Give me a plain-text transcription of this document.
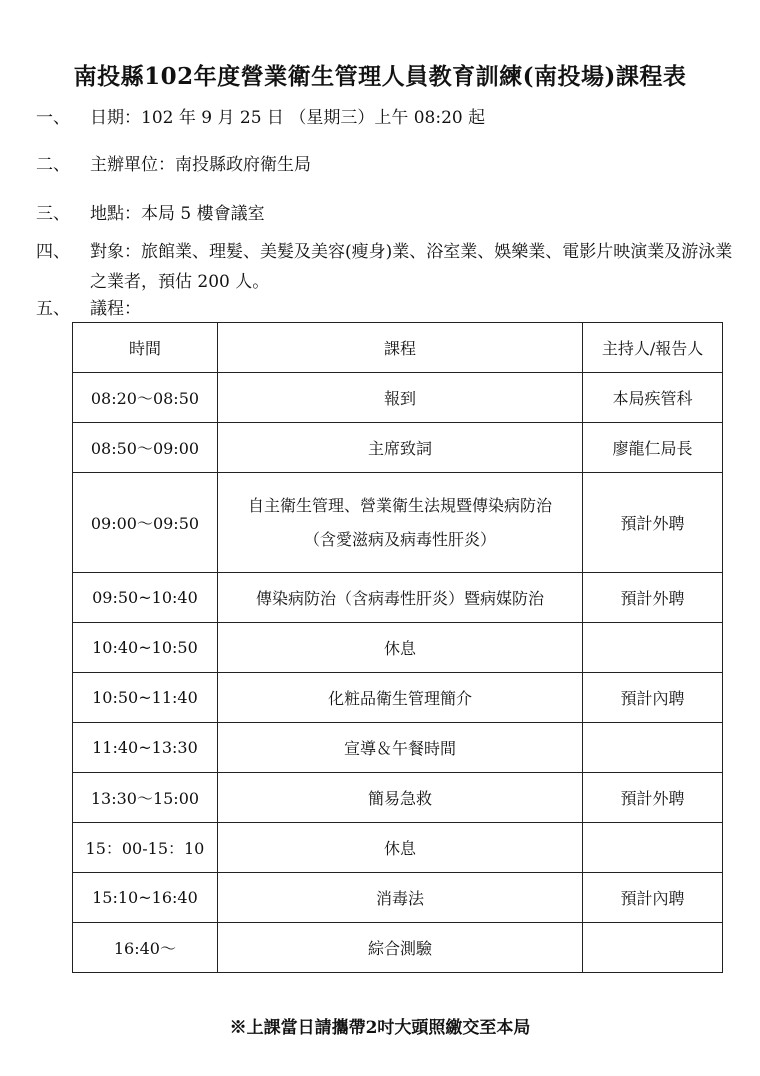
南投縣102年度營業衛生管理人員教育訓練(南投場)課程表
一、	日期：102 年 9 月 25 日 （星期三）上午 08:20 起
二、	主辦單位：南投縣政府衛生局
三、	地點：本局 5 樓會議室
四、	對象：旅館業、理髮、美髮及美容(瘦身)業、浴室業、娛樂業、電影片映演業及游泳業之業者，預估 200 人。
五、	議程：
時間	課程	主持人/報告人
08:20～08:50	報到	本局疾管科
08:50～09:00	主席致詞	廖龍仁局長
09:00～09:50	自主衛生管理、營業衛生法規暨傳染病防治
（含愛滋病及病毒性肝炎）	預計外聘
09:50~10:40	傳染病防治（含病毒性肝炎）暨病媒防治	預計外聘
10:40~10:50	休息	
10:50~11:40	化粧品衛生管理簡介	預計內聘
11:40~13:30	宣導＆午餐時間	
13:30～15:00	簡易急救	預計外聘
15：00-15：10	休息	
15:10~16:40	消毒法	預計內聘
16:40～	綜合測驗	
※上課當日請攜帶2吋大頭照繳交至本局
